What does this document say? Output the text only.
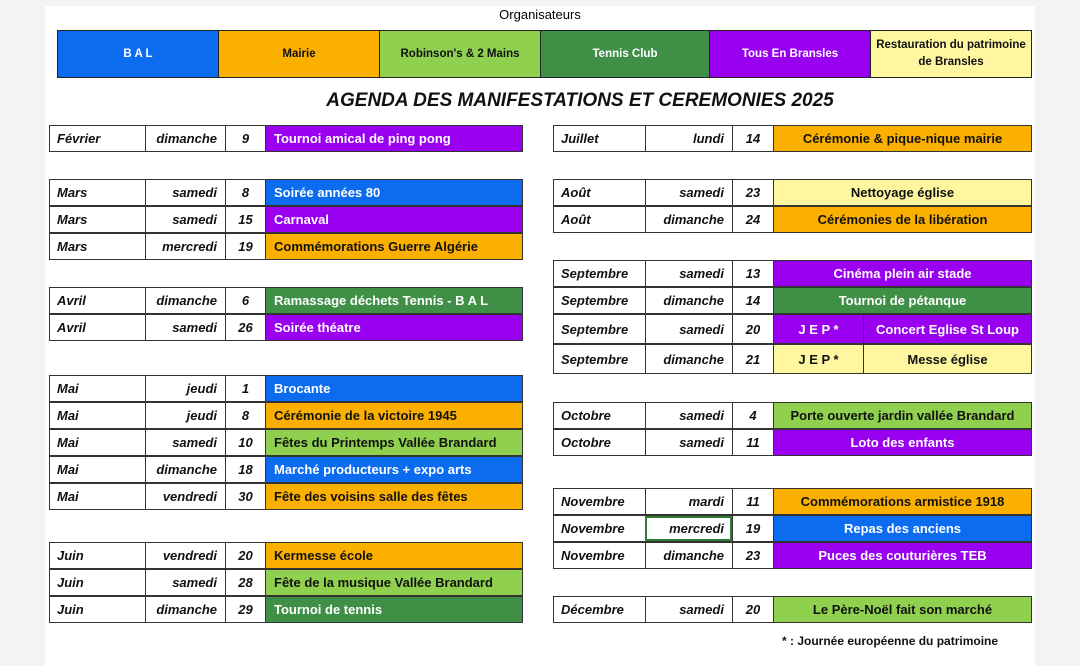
Organisateurs
B A L	Mairie	Robinson's & 2 Mains	Tennis Club	Tous En Bransles
Restauration du patrimoine de Bransles
AGENDA DES MANIFESTATIONS ET CEREMONIES 2025
Février	dimanche	9	Tournoi amical de ping pong
Mars	samedi	8	Soirée années 80
Mars	samedi	15	Carnaval
Mars	mercredi	19	Commémorations Guerre Algérie
Avril	dimanche	6	Ramassage déchets Tennis - B A L
Avril	samedi	26	Soirée théatre
Mai	jeudi	1	Brocante
Mai	jeudi	8	Cérémonie de la victoire 1945
Mai	samedi	10	Fêtes du Printemps Vallée Brandard
Mai	dimanche	18	Marché producteurs + expo arts
Mai	vendredi	30	Fête des voisins salle des fêtes
Juin	vendredi	20	Kermesse école
Juin	samedi	28	Fête de la musique Vallée Brandard
Juin	dimanche	29	Tournoi de tennis
Juillet	lundi	14	Cérémonie & pique-nique mairie
Août	samedi	23	Nettoyage église
Août	dimanche	24	Cérémonies de la libération
Septembre	samedi	13	Cinéma plein air stade
Septembre	dimanche	14	Tournoi de pétanque
Septembre	samedi	20	J E P *	Concert Eglise St Loup
Septembre	dimanche	21	J E P *	Messe église
Octobre	samedi	4	Porte ouverte jardin vallée Brandard
Octobre	samedi	11	Loto des enfants
Novembre	mardi	11	Commémorations armistice 1918
Novembre	mercredi	19	Repas des anciens
Novembre	dimanche	23	Puces des couturières TEB
Décembre	samedi	20	Le Père-Noël fait son marché
* : Journée européenne du patrimoine
